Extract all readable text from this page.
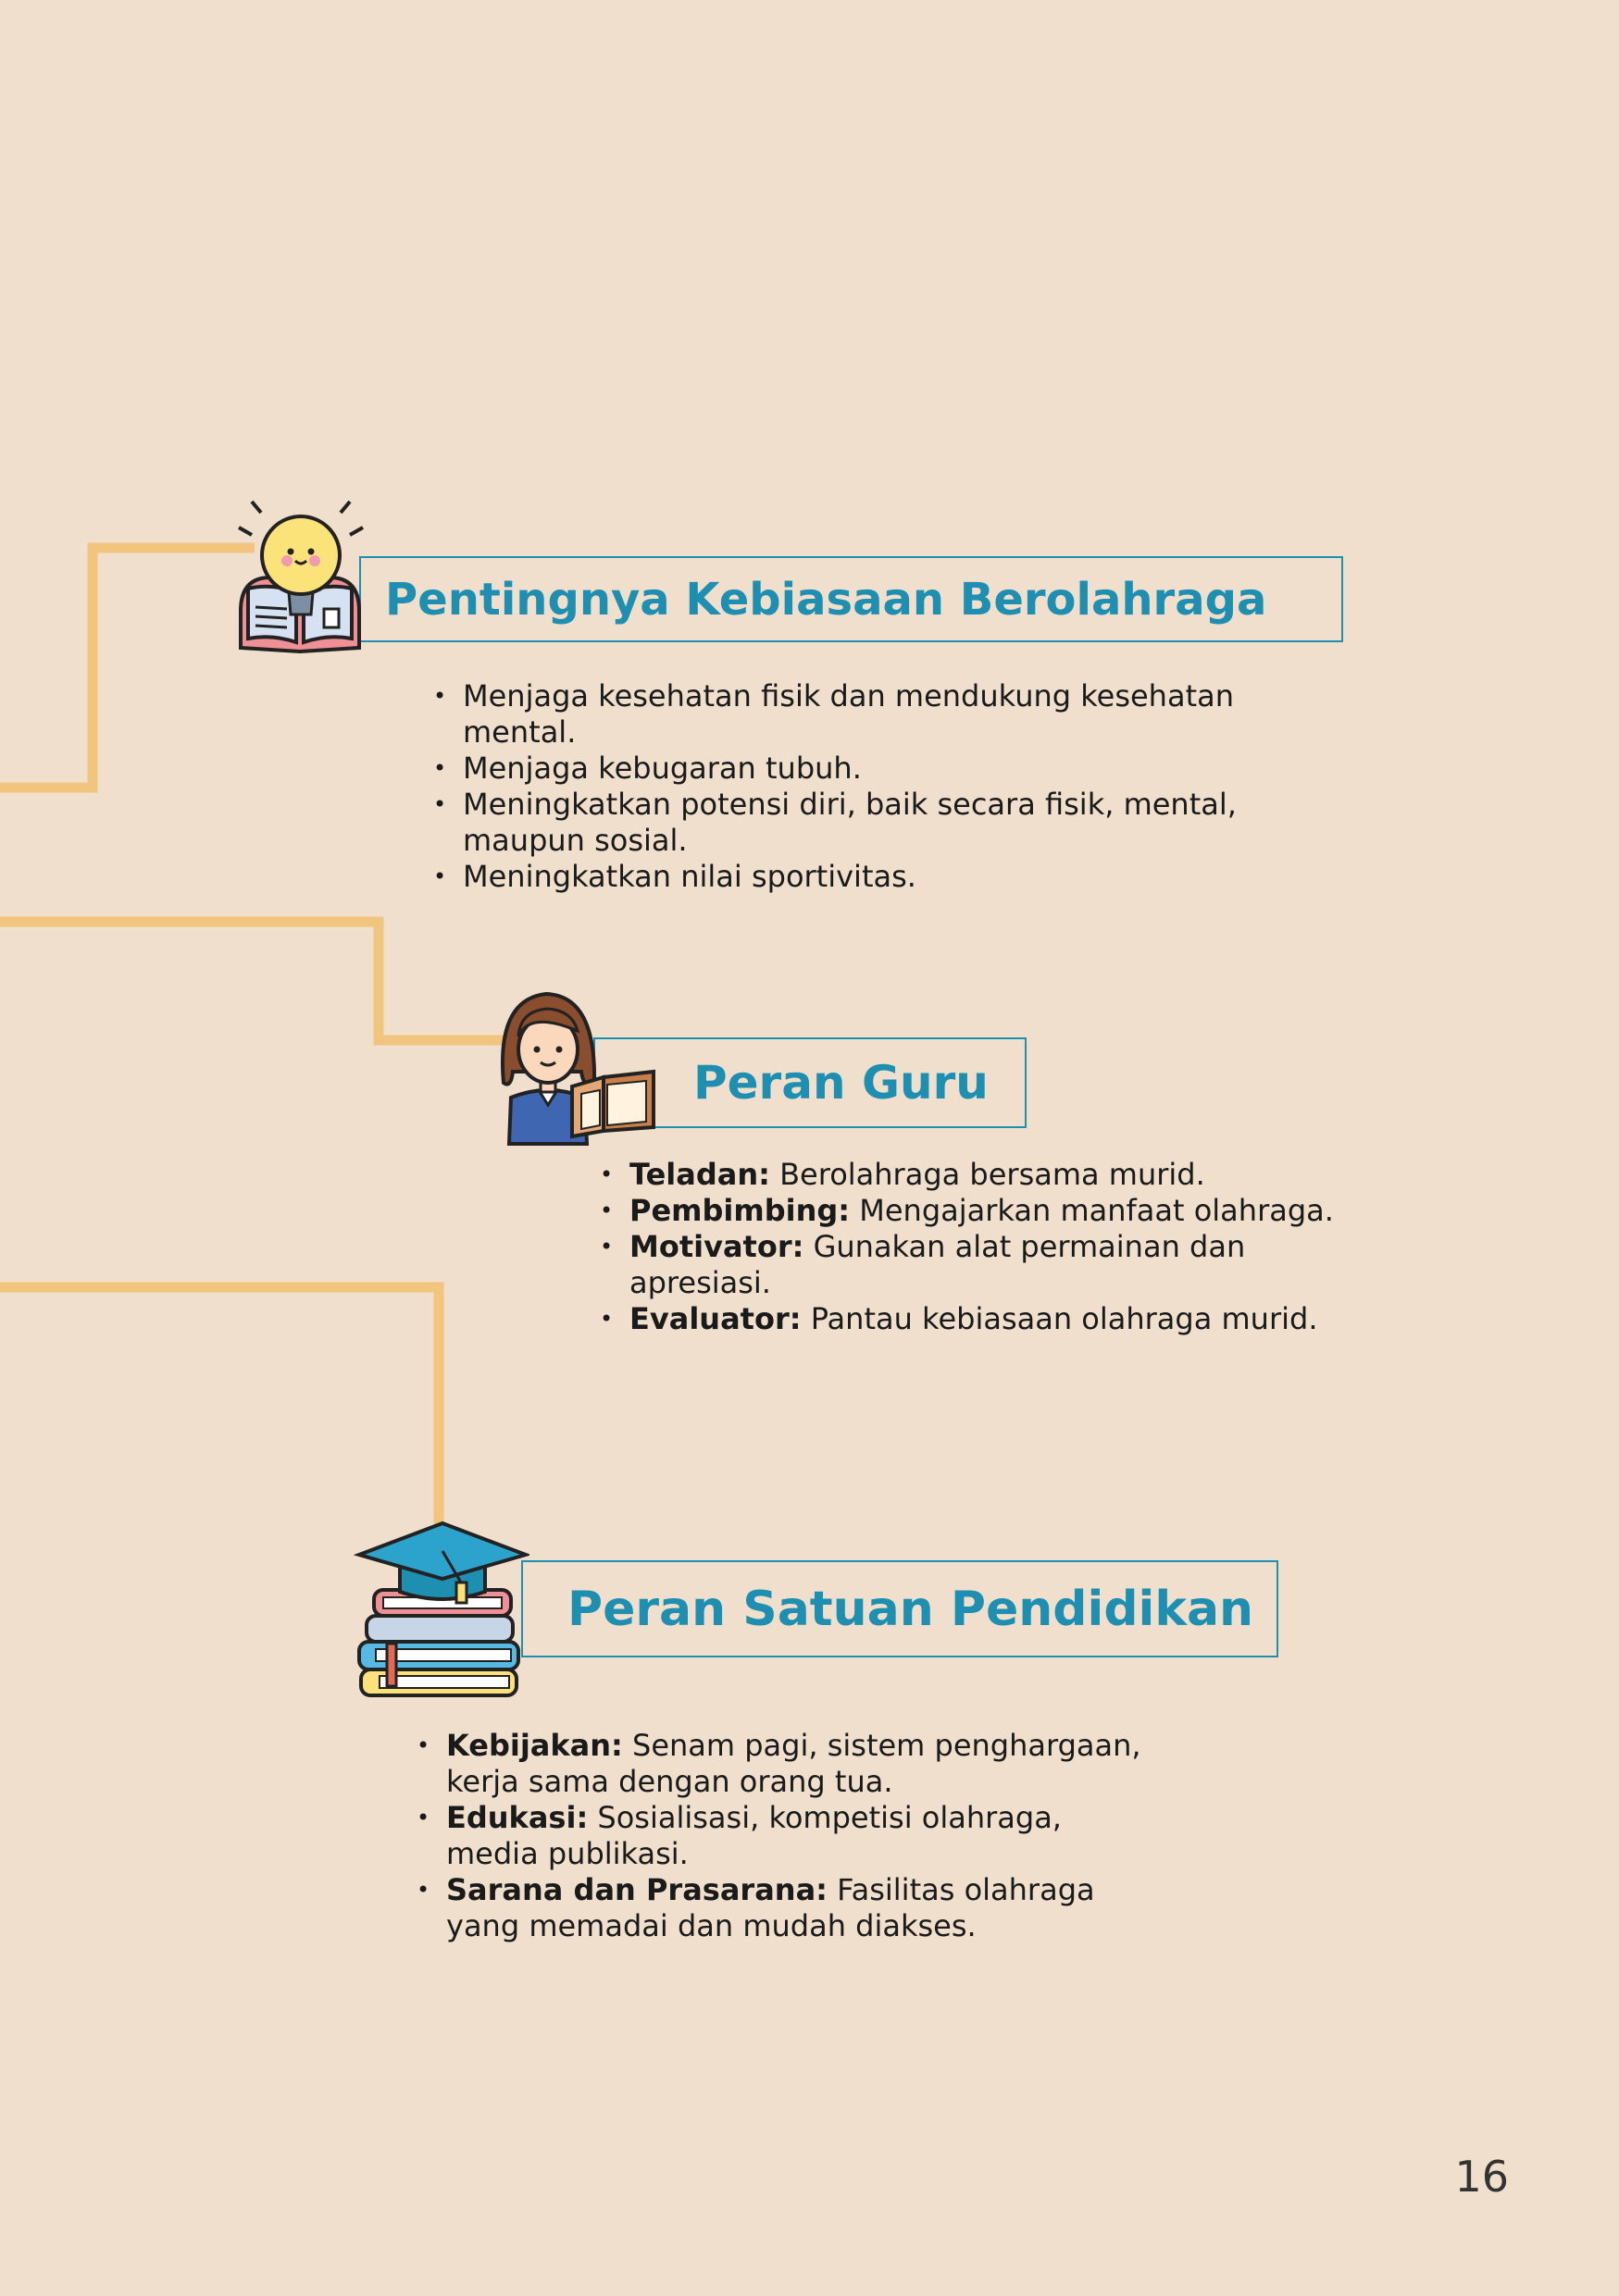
Pentingnya Kebiasaan Berolahraga
• Menjaga kesehatan fisik dan mendukung kesehatan
mental.
• Menjaga kebugaran tubuh.
• Meningkatkan potensi diri, baik secara fisik, mental,
maupun sosial.
• Meningkatkan nilai sportivitas.
Peran Guru
• Teladan: Berolahraga bersama murid.
• Pembimbing: Mengajarkan manfaat olahraga.
• Motivator: Gunakan alat permainan dan
apresiasi.
• Evaluator: Pantau kebiasaan olahraga murid.
Peran Satuan Pendidikan
• Kebijakan: Senam pagi, sistem penghargaan,
kerja sama dengan orang tua.
• Edukasi: Sosialisasi, kompetisi olahraga,
media publikasi.
• Sarana dan Prasarana: Fasilitas olahraga
yang memadai dan mudah diakses.
16
